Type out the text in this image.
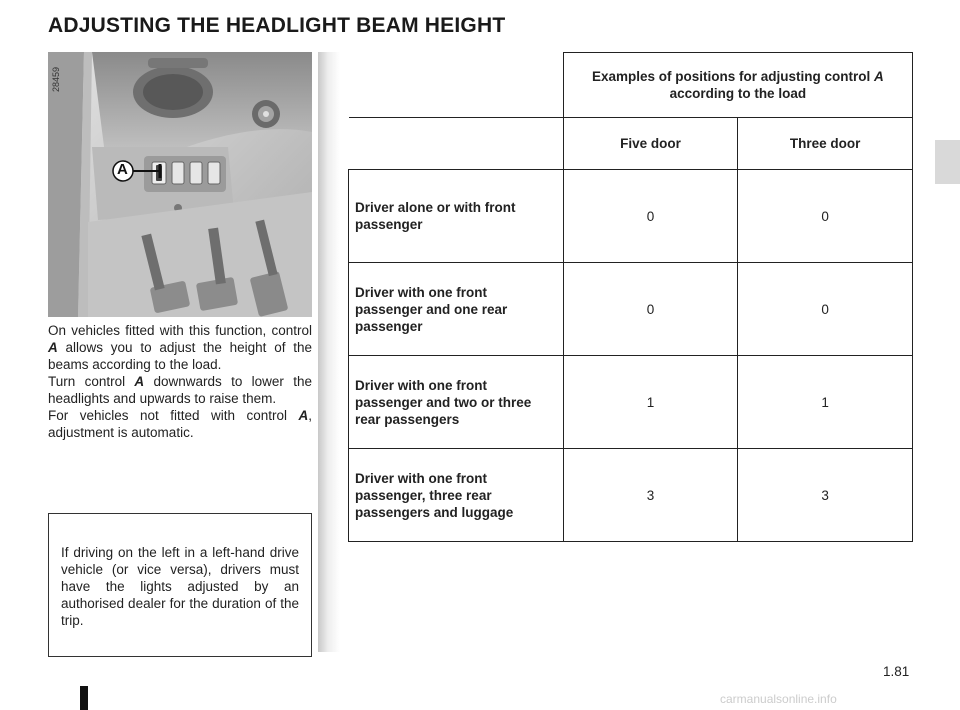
ADJUSTING THE HEADLIGHT BEAM HEIGHT
A
28459

On vehicles fitted with this function, control A allows you to adjust the height of the beams according to the load.

Turn control A downwards to lower the headlights and upwards to raise them.

For vehicles not fitted with control A, adjustment is automatic.

If driving on the left in a left-hand drive vehicle (or vice versa), drivers must have the lights adjusted by an authorised dealer for the duration of the trip.

	Examples of positions for adjusting control A according to the load	
	Five door	Three door
Driver alone or with front passenger	0	0
Driver with one front passenger and one rear passenger	0	0
Driver with one front passenger and two or three rear passengers	1	1
Driver with one front passenger, three rear passengers and luggage	3	3
1.81
carmanualsonline.info
